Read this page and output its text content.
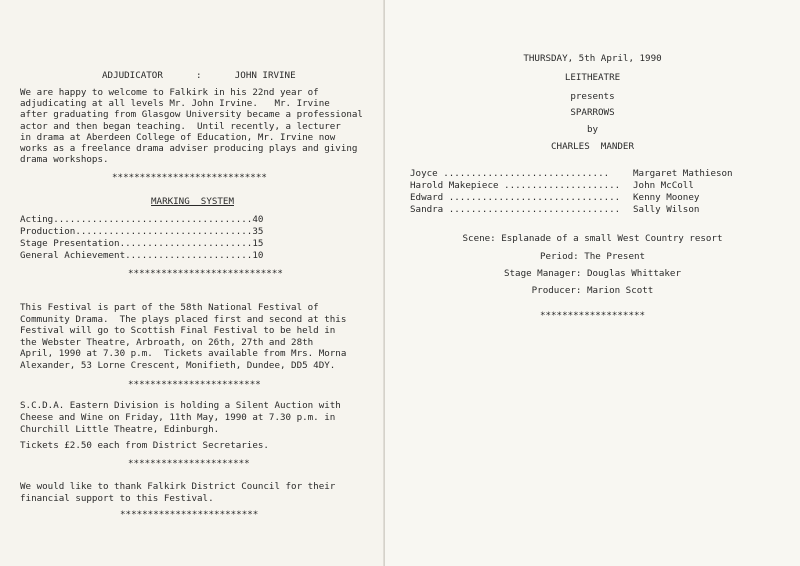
ADJUDICATOR      :      JOHN IRVINE
We are happy to welcome to Falkirk in his 22nd year of
adjudicating at all levels Mr. John Irvine.   Mr. Irvine
after graduating from Glasgow University became a professional
actor and then began teaching.  Until recently, a lecturer
in drama at Aberdeen College of Education, Mr. Irvine now
works as a freelance drama adviser producing plays and giving
drama workshops.
****************************
MARKING  SYSTEM
Acting....................................40
Production................................35
Stage Presentation........................15
General Achievement.......................10
****************************
This Festival is part of the 58th National Festival of
Community Drama.  The plays placed first and second at this
Festival will go to Scottish Final Festival to be held in
the Webster Theatre, Arbroath, on 26th, 27th and 28th
April, 1990 at 7.30 p.m.  Tickets available from Mrs. Morna
Alexander, 53 Lorne Crescent, Monifieth, Dundee, DD5 4DY.
************************
S.C.D.A. Eastern Division is holding a Silent Auction with
Cheese and Wine on Friday, 11th May, 1990 at 7.30 p.m. in
Churchill Little Theatre, Edinburgh.
Tickets £2.50 each from District Secretaries.
**********************
We would like to thank Falkirk District Council for their
financial support to this Festival.
*************************
THURSDAY, 5th April, 1990
LEITHEATRE
presents
SPARROWS
by
CHARLES  MANDER
Joyce ..............................	Margaret Mathieson
Harold Makepiece ..................... John McColl
Edward ............................... Kenny Mooney
Sandra ............................... Sally Wilson
Scene: Esplanade of a small West Country resort
Period: The Present
Stage Manager: Douglas Whittaker
Producer: Marion Scott
*******************
